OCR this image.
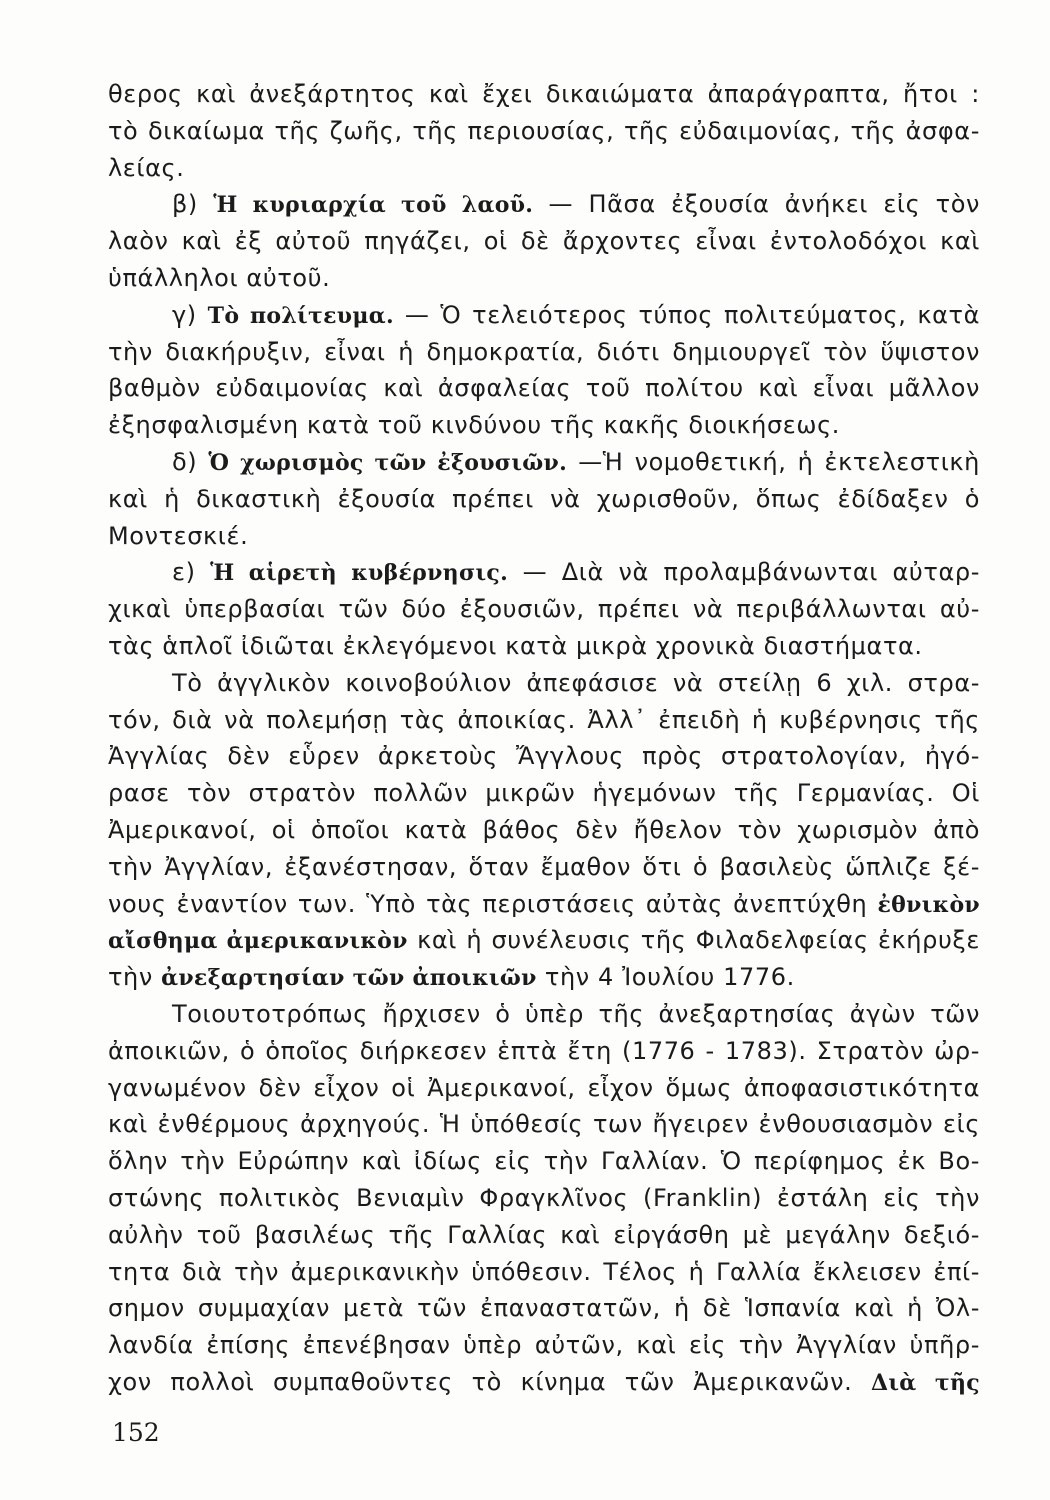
θερος καὶ ἀνεξάρτητος καὶ ἔχει δικαιώματα ἀπαράγραπτα, ἤτοι :
τὸ δικαίωμα τῆς ζωῆς, τῆς περιουσίας, τῆς εὐδαιμονίας, τῆς ἀσφα-
λείας.
β) Ἡ κυριαρχία τοῦ λαοῦ. — Πᾶσα ἐξουσία ἀνήκει εἰς τὸν
λαὸν καὶ ἐξ αὐτοῦ πηγάζει, οἱ δὲ ἄρχοντες εἶναι ἐντολοδόχοι καὶ
ὑπάλληλοι αὐτοῦ.
γ) Τὸ πολίτευμα. — Ὁ τελειότερος τύπος πολιτεύματος, κατὰ
τὴν διακήρυξιν, εἶναι ἡ δημοκρατία, διότι δημιουργεῖ τὸν ὕψιστον
βαθμὸν εὐδαιμονίας καὶ ἀσφαλείας τοῦ πολίτου καὶ εἶναι μᾶλλον
ἐξησφαλισμένη κατὰ τοῦ κινδύνου τῆς κακῆς διοικήσεως.
δ) Ὁ χωρισμὸς τῶν ἐξουσιῶν. —Ἡ νομοθετική, ἡ ἐκτελεστικὴ
καὶ ἡ δικαστικὴ ἐξουσία πρέπει νὰ χωρισθοῦν, ὅπως ἐδίδαξεν ὁ
Μοντεσκιέ.
ε) Ἡ αἱρετὴ κυβέρνησις. — Διὰ νὰ προλαμβάνωνται αὐταρ-
χικαὶ ὑπερβασίαι τῶν δύο ἐξουσιῶν, πρέπει νὰ περιβάλλωνται αὐ-
τὰς ἁπλοῖ ἰδιῶται ἐκλεγόμενοι κατὰ μικρὰ χρονικὰ διαστήματα.
Τὸ ἀγγλικὸν κοινοβούλιον ἀπεφάσισε νὰ στείλῃ 6 χιλ. στρα-
τόν, διὰ νὰ πολεμήσῃ τὰς ἀποικίας. Ἀλλ᾿ ἐπειδὴ ἡ κυβέρνησις τῆς
Ἀγγλίας δὲν εὗρεν ἀρκετοὺς Ἄγγλους πρὸς στρατολογίαν, ἠγό-
ρασε τὸν στρατὸν πολλῶν μικρῶν ἡγεμόνων τῆς Γερμανίας. Οἱ
Ἀμερικανοί, οἱ ὁποῖοι κατὰ βάθος δὲν ἤθελον τὸν χωρισμὸν ἀπὸ
τὴν Ἀγγλίαν, ἐξανέστησαν, ὅταν ἔμαθον ὅτι ὁ βασιλεὺς ὥπλιζε ξέ-
νους ἐναντίον των. Ὑπὸ τὰς περιστάσεις αὐτὰς ἀνεπτύχθη ἐθνικὸν
αἴσθημα ἀμερικανικὸν καὶ ἡ συνέλευσις τῆς Φιλαδελφείας ἐκήρυξε
τὴν ἀνεξαρτησίαν τῶν ἀποικιῶν τὴν 4 Ἰουλίου 1776.
Τοιουτοτρόπως ἤρχισεν ὁ ὑπὲρ τῆς ἀνεξαρτησίας ἀγὼν τῶν
ἀποικιῶν, ὁ ὁποῖος διήρκεσεν ἑπτὰ ἔτη (1776 - 1783). Στρατὸν ὠρ-
γανωμένον δὲν εἶχον οἱ Ἀμερικανοί, εἶχον ὅμως ἀποφασιστικότητα
καὶ ἐνθέρμους ἀρχηγούς. Ἡ ὑπόθεσίς των ἤγειρεν ἐνθουσιασμὸν εἰς
ὅλην τὴν Εὐρώπην καὶ ἰδίως εἰς τὴν Γαλλίαν. Ὁ περίφημος ἐκ Βο-
στώνης πολιτικὸς Βενιαμὶν Φραγκλῖνος (Franklin) ἐστάλη εἰς τὴν
αὐλὴν τοῦ βασιλέως τῆς Γαλλίας καὶ εἰργάσθη μὲ μεγάλην δεξιό-
τητα διὰ τὴν ἀμερικανικὴν ὑπόθεσιν. Τέλος ἡ Γαλλία ἔκλεισεν ἐπί-
σημον συμμαχίαν μετὰ τῶν ἐπαναστατῶν, ἡ δὲ Ἱσπανία καὶ ἡ Ὀλ-
λανδία ἐπίσης ἐπενέβησαν ὑπὲρ αὐτῶν, καὶ εἰς τὴν Ἀγγλίαν ὑπῆρ-
χον πολλοὶ συμπαθοῦντες τὸ κίνημα τῶν Ἀμερικανῶν. Διὰ τῆς
152
